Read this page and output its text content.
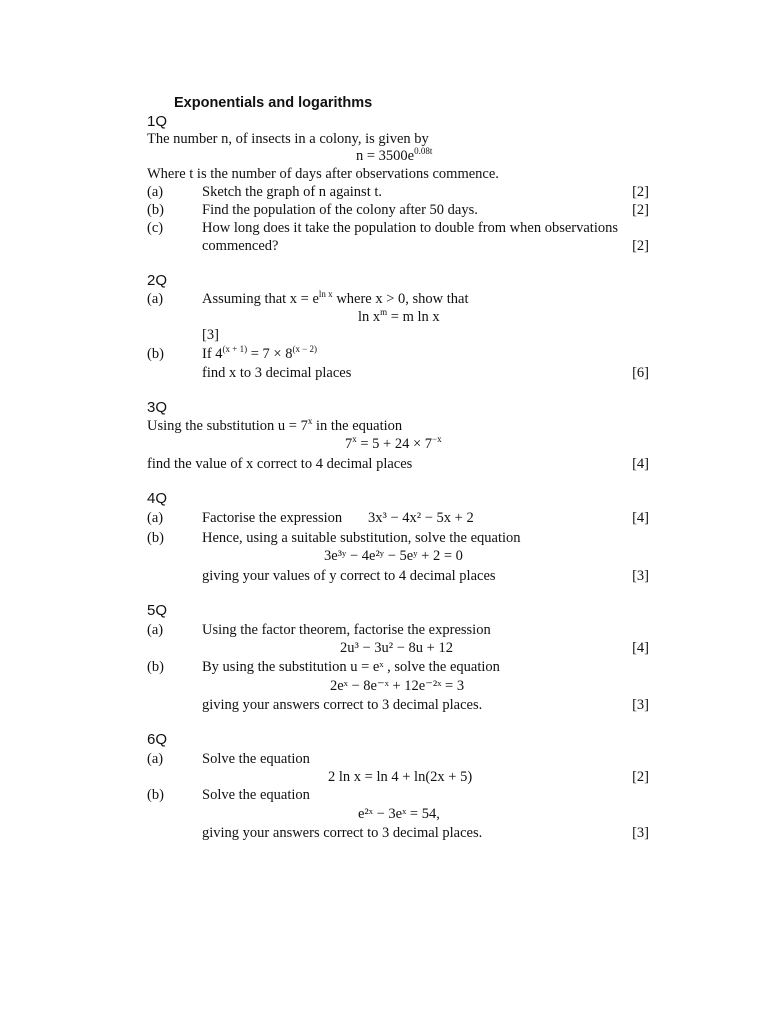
Exponentials and logarithms
1Q
The number n, of insects in a colony, is given by
$n = 3500e^{0.08t}$
Where t is the number of days after observations commence.
(a)	Sketch the graph of n against t.	[2]
(b)	Find the population of the colony after 50 days.	[2]
(c)	How long does it take the population to double from when observations
commenced?	[2]
2Q
(a)	Assuming that $x = e^{ln x}$ where x > 0, show that
$\ln x^m = m$ ln x
[3]
(b)	If $4^{(x + 1)} = 7 \times 8^{(x - 2)}$
find x to 3 decimal places	[6]
3Q
Using the substitution $u = 7^x$ in the equation
$7^x = 5 + 24 \times 7^{-x}$
find the value of x correct to 4 decimal places	[4]
4Q
(a)	Factorise the expression 3x³ − 4x² − 5x + 2	[4]
(b)	Hence, using a suitable substitution, solve the equation
3e³ʸ − 4e²ʸ − 5eʸ + 2 = 0
giving your values of y correct to 4 decimal places	[3]
5Q
(a)	Using the factor theorem, factorise the expression
2u³ − 3u² − 8u + 12	[4]
(b)	By using the substitution u = eˣ , solve the equation
2eˣ − 8e⁻ˣ + 12e⁻²ˣ = 3
giving your answers correct to 3 decimal places.	[3]
6Q
(a)	Solve the equation
2 ln x = ln 4 + ln(2x + 5)	[2]
(b)	Solve the equation
e²ˣ − 3eˣ = 54,
giving your answers correct to 3 decimal places.	[3]
